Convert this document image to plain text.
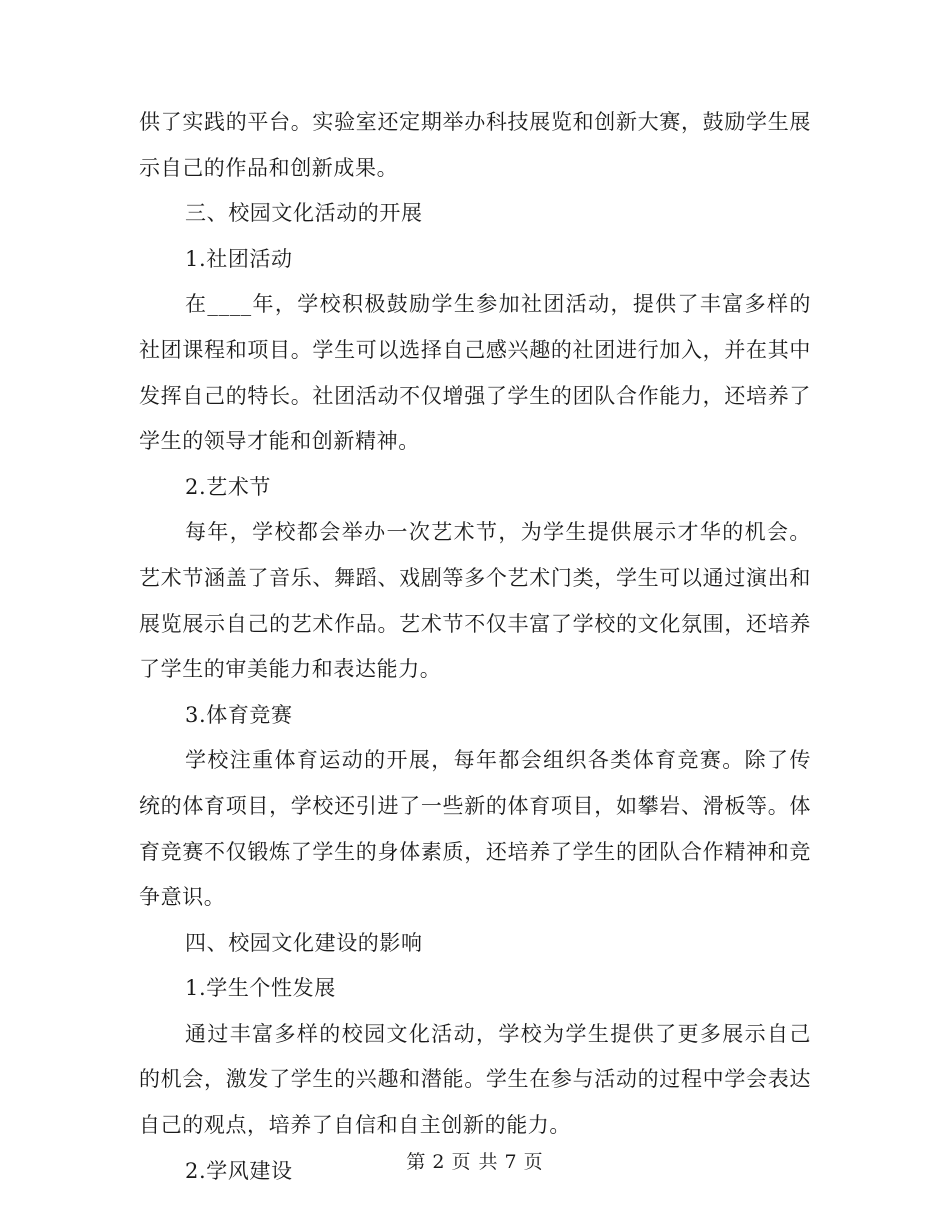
供了实践的平台。实验室还定期举办科技展览和创新大赛，鼓励学生展示自己的作品和创新成果。

三、校园文化活动的开展

1.社团活动

在____年，学校积极鼓励学生参加社团活动，提供了丰富多样的社团课程和项目。学生可以选择自己感兴趣的社团进行加入，并在其中发挥自己的特长。社团活动不仅增强了学生的团队合作能力，还培养了学生的领导才能和创新精神。

2.艺术节

每年，学校都会举办一次艺术节，为学生提供展示才华的机会。艺术节涵盖了音乐、舞蹈、戏剧等多个艺术门类，学生可以通过演出和展览展示自己的艺术作品。艺术节不仅丰富了学校的文化氛围，还培养了学生的审美能力和表达能力。

3.体育竞赛

学校注重体育运动的开展，每年都会组织各类体育竞赛。除了传统的体育项目，学校还引进了一些新的体育项目，如攀岩、滑板等。体育竞赛不仅锻炼了学生的身体素质，还培养了学生的团队合作精神和竞争意识。

四、校园文化建设的影响

1.学生个性发展

通过丰富多样的校园文化活动，学校为学生提供了更多展示自己的机会，激发了学生的兴趣和潜能。学生在参与活动的过程中学会表达自己的观点，培养了自信和自主创新的能力。

2.学风建设	第 2 页 共 7 页
